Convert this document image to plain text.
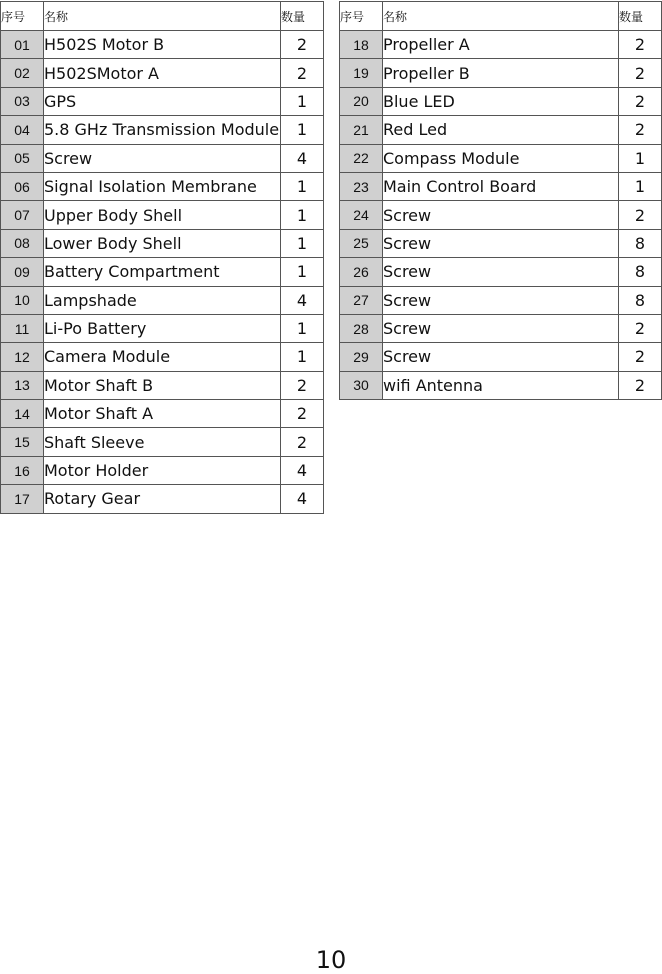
序号	名称	数量
01	H502S Motor B	2
02	H502SMotor A	2
03	GPS	1
04	5.8 GHz Transmission Module	1
05	Screw	4
06	Signal Isolation Membrane	1
07	Upper Body Shell	1
08	Lower Body Shell	1
09	Battery Compartment	1
10	Lampshade	4
11	Li-Po Battery	1
12	Camera Module	1
13	Motor Shaft B	2
14	Motor Shaft A	2
15	Shaft Sleeve	2
16	Motor Holder	4
17	Rotary Gear	4
序号	名称	数量
18	Propeller A	2
19	Propeller B	2
20	Blue LED	2
21	Red Led	2
22	Compass Module	1
23	Main Control Board	1
24	Screw	2
25	Screw	8
26	Screw	8
27	Screw	8
28	Screw	2
29	Screw	2
30	wifi Antenna	2
10
